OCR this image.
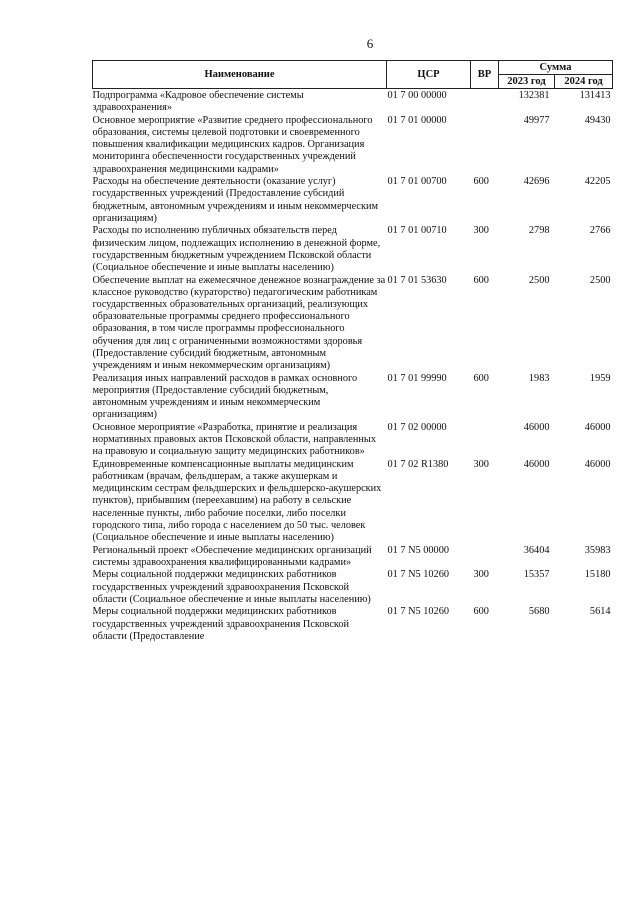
6
Наименование	ЦСР	ВР	Сумма	
			2023 год	2024 год
Подпрограмма «Кадровое обеспечение системы здравоохранения»	01 7 00 00000		132381	131413
Основное мероприятие «Развитие среднего профессионального образования, системы целевой подготовки и своевременного повышения квалификации медицинских кадров. Организация мониторинга обеспеченности государственных учреждений здравоохранения медицинскими кадрами»	01 7 01 00000		49977	49430
Расходы на обеспечение деятельности (оказание услуг) государственных учреждений (Предоставление субсидий бюджетным, автономным учреждениям и иным некоммерческим организациям)	01 7 01 00700	600	42696	42205
Расходы по исполнению публичных обязательств перед физическим лицом, подлежащих исполнению в денежной форме, государственным бюджетным учреждением Псковской области (Социальное обеспечение и иные выплаты населению)	01 7 01 00710	300	2798	2766
Обеспечение выплат на ежемесячное денежное вознаграждение за классное руководство (кураторство) педагогическим работникам государственных образовательных организаций, реализующих образовательные программы среднего профессионального образования, в том числе программы профессионального обучения для лиц с ограниченными возможностями здоровья (Предоставление субсидий бюджетным, автономным учреждениям и иным некоммерческим организациям)	01 7 01 53630	600	2500	2500
Реализация иных направлений расходов в рамках основного мероприятия (Предоставление субсидий бюджетным, автономным учреждениям и иным некоммерческим организациям)	01 7 01 99990	600	1983	1959
Основное мероприятие «Разработка, принятие и реализация нормативных правовых актов Псковской области, направленных на правовую и социальную защиту медицинских работников»	01 7 02 00000		46000	46000
Единовременные компенсационные выплаты медицинским работникам (врачам, фельдшерам, а также акушеркам и медицинским сестрам фельдшерских и фельдшерско-акушерских пунктов), прибывшим (переехавшим) на работу в сельские населенные пункты, либо рабочие поселки, либо поселки городского типа, либо города с населением до 50 тыс. человек (Социальное обеспечение и иные выплаты населению)	01 7 02 R1380	300	46000	46000
Региональный проект «Обеспечение медицинских организаций системы здравоохранения квалифицированными кадрами»	01 7 N5 00000		36404	35983
Меры социальной поддержки медицинских работников государственных учреждений здравоохранения Псковской области (Социальное обеспечение и иные выплаты населению)	01 7 N5 10260	300	15357	15180
Меры социальной поддержки медицинских работников государственных учреждений здравоохранения Псковской области (Предоставление	01 7 N5 10260	600	5680	5614
